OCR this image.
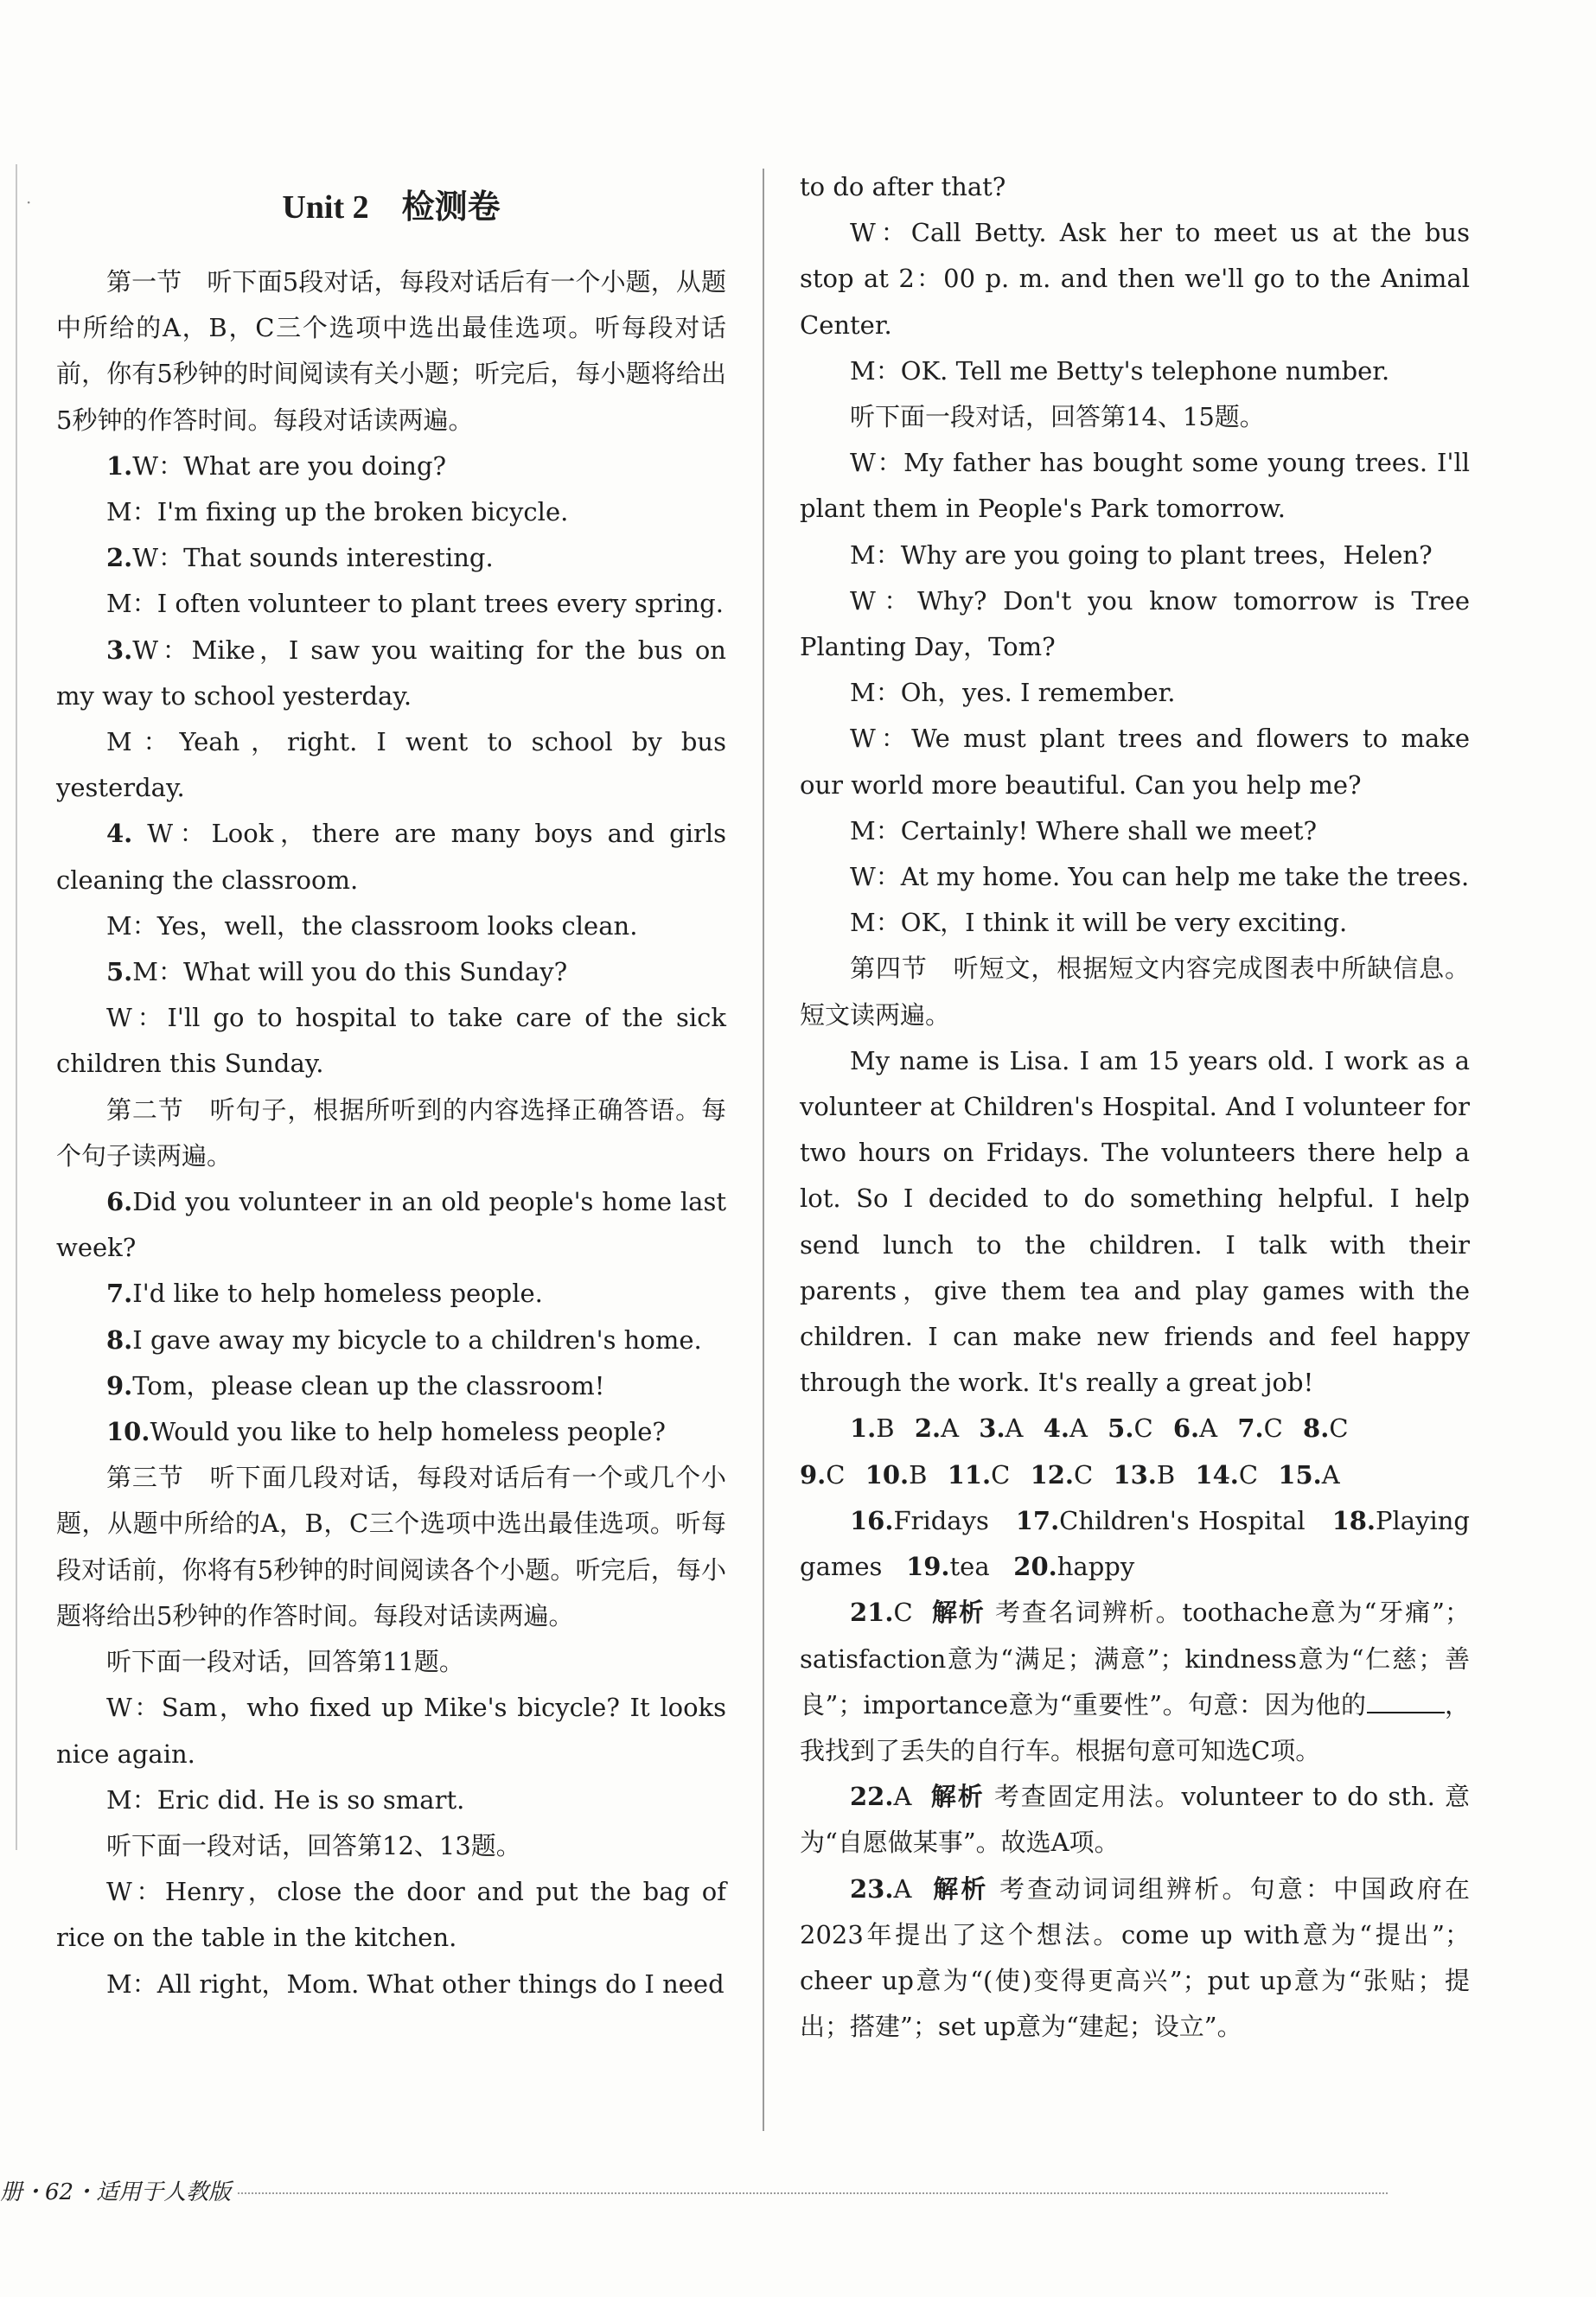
·	Unit 2　检测卷

第一节　听下面5段对话，每段对话后有一个小题，从题中所给的A，B，C三个选项中选出最佳选项。听每段对话前，你有5秒钟的时间阅读有关小题；听完后，每小题将给出5秒钟的作答时间。每段对话读两遍。

1.W：What are you doing?

M：I'm fixing up the broken bicycle.

2.W：That sounds interesting.

M：I often volunteer to plant trees every spring.

3.W：Mike，I saw you waiting for the bus on my way to school yesterday.

M：Yeah，right. I went to school by bus yesterday.

4. W：Look，there are many boys and girls cleaning the classroom.

M：Yes，well，the classroom looks clean.

5.M：What will you do this Sunday?

W：I'll go to hospital to take care of the sick children this Sunday.

第二节　听句子，根据所听到的内容选择正确答语。每个句子读两遍。

6.Did you volunteer in an old people's home last week?

7.I'd like to help homeless people.

8.I gave away my bicycle to a children's home.

9.Tom，please clean up the classroom!

10.Would you like to help homeless people?

第三节　听下面几段对话，每段对话后有一个或几个小题，从题中所给的A，B，C三个选项中选出最佳选项。听每段对话前，你将有5秒钟的时间阅读各个小题。听完后，每小题将给出5秒钟的作答时间。每段对话读两遍。

听下面一段对话，回答第11题。

W：Sam，who fixed up Mike's bicycle? It looks nice again.

M：Eric did. He is so smart.

听下面一段对话，回答第12、13题。

W：Henry，close the door and put the bag of rice on the table in the kitchen.

M：All right，Mom. What other things do I need

to do after that?

W：Call Betty. Ask her to meet us at the bus stop at 2：00 p. m. and then we'll go to the Animal Center.

M：OK. Tell me Betty's telephone number.

听下面一段对话，回答第14、15题。

W：My father has bought some young trees. I'll plant them in People's Park tomorrow.

M：Why are you going to plant trees，Helen?

W：Why? Don't you know tomorrow is Tree Planting Day，Tom?

M：Oh，yes. I remember.

W：We must plant trees and flowers to make our world more beautiful. Can you help me?

M：Certainly! Where shall we meet?

W：At my home. You can help me take the trees.

M：OK，I think it will be very exciting.

第四节　听短文，根据短文内容完成图表中所缺信息。短文读两遍。

My name is Lisa. I am 15 years old. I work as a volunteer at Children's Hospital. And I volunteer for two hours on Fridays. The volunteers there help a lot. So I decided to do something helpful. I help send lunch to the children. I talk with their parents，give them tea and play games with the children. I can make new friends and feel happy through the work. It's really a great job!

1.B 2.A 3.A 4.A 5.C 6.A 7.C 8.C

9.C 10.B 11.C 12.C 13.B 14.C 15.A

16.Fridays 17.Children's Hospital 18.Playing games 19.tea 20.happy

21.C 解析 考查名词辨析。toothache意为“牙痛”；satisfaction意为“满足；满意”；kindness意为“仁慈；善良”；importance意为“重要性”。句意：因为他的	，我找到了丢失的自行车。根据句意可知选C项。

22.A 解析 考查固定用法。volunteer to do sth. 意为“自愿做某事”。故选A项。

23.A 解析 考查动词词组辨析。句意：中国政府在2023年提出了这个想法。come up with意为“提出”；cheer up意为“(使)变得更高兴”；put up意为“张贴；提出；搭建”；set up意为“建起；设立”。

册・62・适用于人教版
